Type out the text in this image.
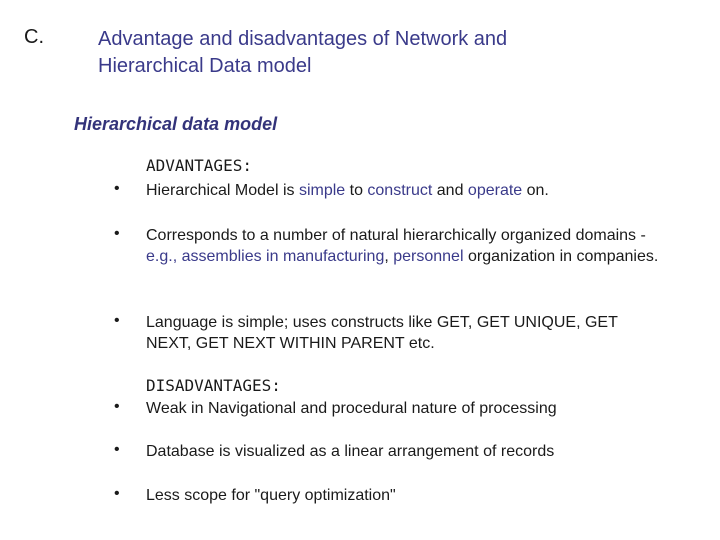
C.	Advantage and disadvantages of Network and
Hierarchical Data model
Hierarchical data model
ADVANTAGES:
• Hierarchical Model is simple to construct and operate on.
• Corresponds to a number of natural hierarchically organized domains - e.g., assemblies in manufacturing, personnel organization in companies.
• Language is simple; uses constructs like GET, GET UNIQUE, GET NEXT, GET NEXT WITHIN PARENT etc.
DISADVANTAGES:
• Weak in Navigational and procedural nature of processing
• Database is visualized as a linear arrangement of records
• Less scope for "query optimization"
